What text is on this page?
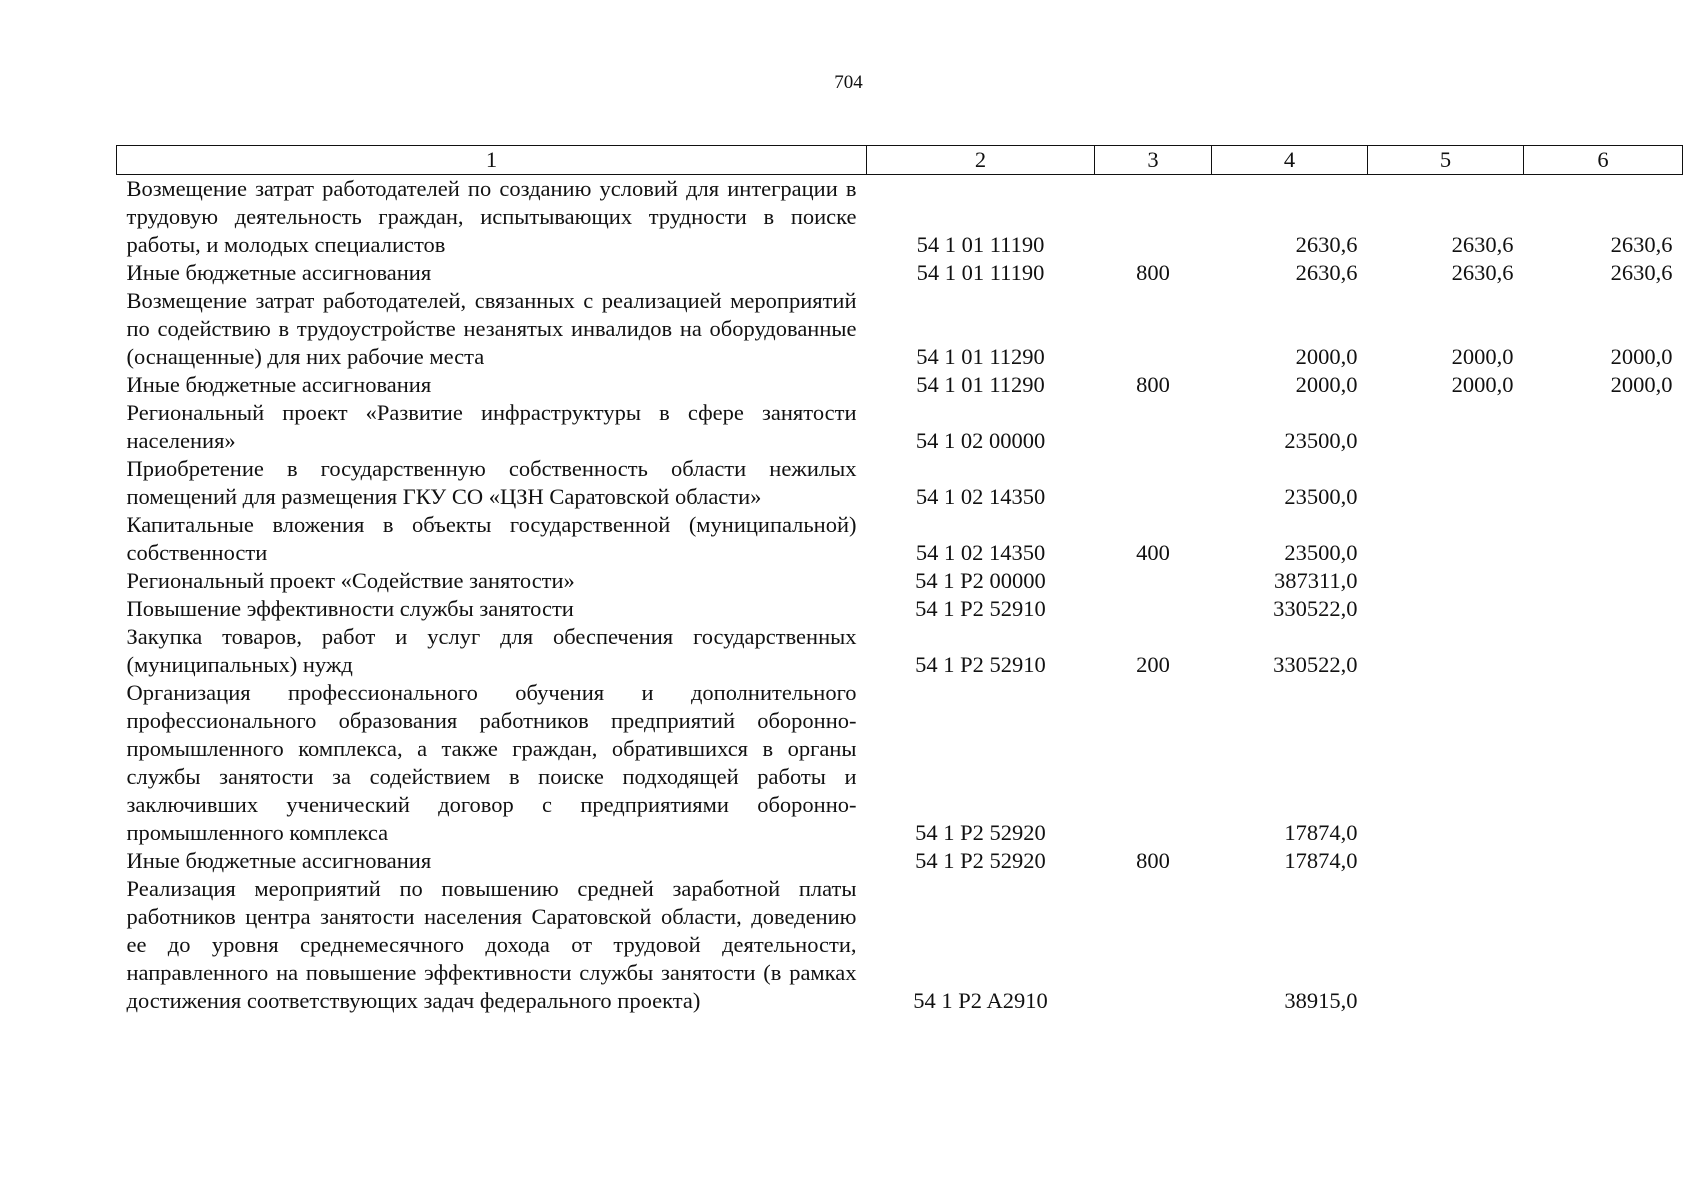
704
1	2	3	4	5	6
Возмещение затрат работодателей по созданию условий для интеграции в трудовую деятельность граждан, испытывающих трудности в поиске работы, и молодых специалистов	54 1 01 11190		2630,6	2630,6	2630,6
Иные бюджетные ассигнования	54 1 01 11190	800	2630,6	2630,6	2630,6
Возмещение затрат работодателей, связанных с реализацией мероприятий по содействию в трудоустройстве незанятых инвалидов на оборудованные (оснащенные) для них рабочие места	54 1 01 11290		2000,0	2000,0	2000,0
Иные бюджетные ассигнования	54 1 01 11290	800	2000,0	2000,0	2000,0
Региональный проект «Развитие инфраструктуры в сфере занятости населения»	54 1 02 00000		23500,0		
Приобретение в государственную собственность области нежилых помещений для размещения ГКУ СО «ЦЗН Саратовской области»	54 1 02 14350		23500,0		
Капитальные вложения в объекты государственной (муниципальной) собственности	54 1 02 14350	400	23500,0		
Региональный проект «Содействие занятости»	54 1 P2 00000		387311,0		
Повышение эффективности службы занятости	54 1 P2 52910		330522,0		
Закупка товаров, работ и услуг для обеспечения государственных (муниципальных) нужд	54 1 P2 52910	200	330522,0		
Организация профессионального обучения и дополнительного профессионального образования работников предприятий оборонно-промышленного комплекса, а также граждан, обратившихся в органы службы занятости за содействием в поиске подходящей работы и заключивших ученический договор с предприятиями оборонно-промышленного комплекса	54 1 P2 52920		17874,0		
Иные бюджетные ассигнования	54 1 P2 52920	800	17874,0		
Реализация мероприятий по повышению средней заработной платы работников центра занятости населения Саратовской области, доведению ее до уровня среднемесячного дохода от трудовой деятельности, направленного на повышение эффективности службы занятости (в рамках достижения соответствующих задач федерального проекта)	54 1 P2 A2910		38915,0		
